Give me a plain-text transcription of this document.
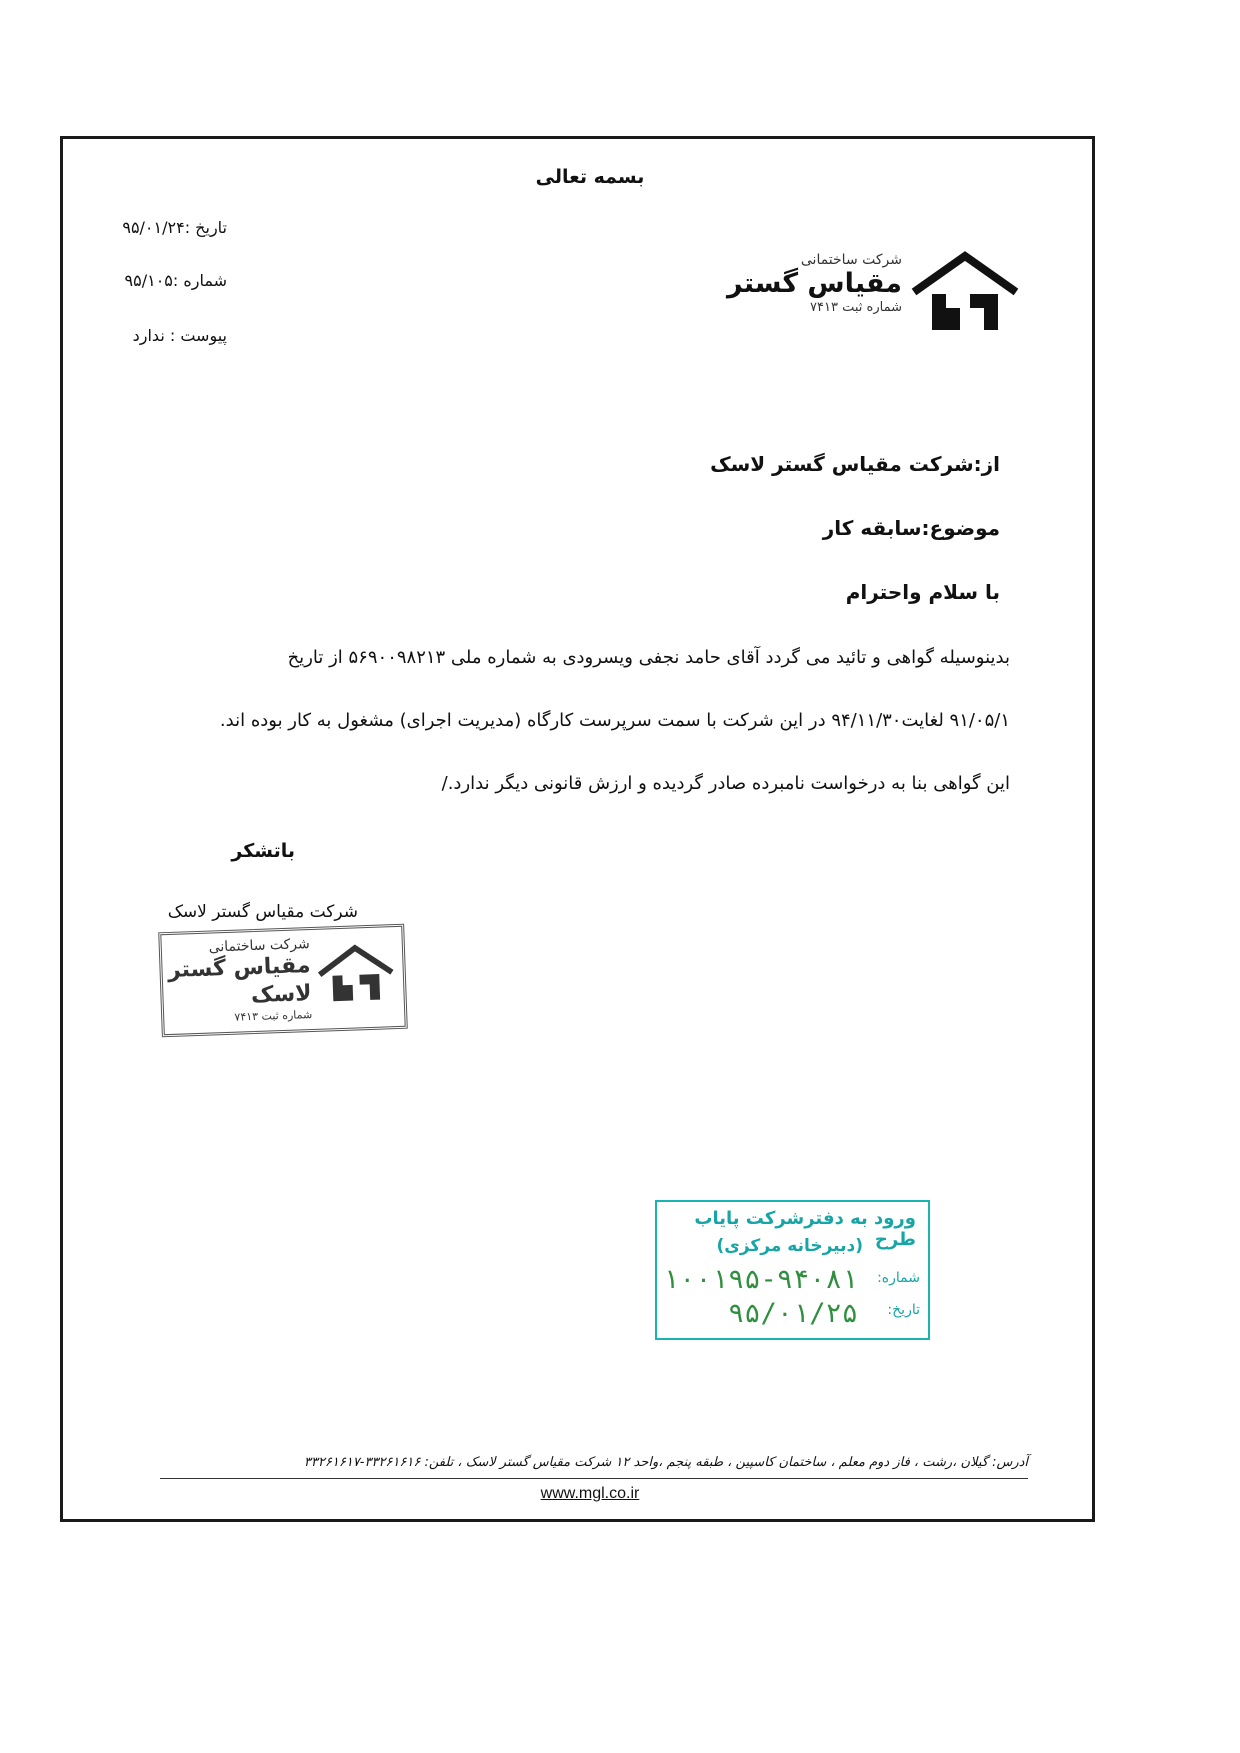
بسمه تعالی
تاریخ :۹۵/۰۱/۲۴
شماره :۹۵/۱۰۵
پیوست : ندارد
شرکت ساختمانی
مقیاس گستر
شماره ثبت ۷۴۱۳
از:شرکت مقیاس گستر لاسک
موضوع:سابقه کار
با سلام واحترام
بدینوسیله گواهی و تائید می گردد آقای حامد نجفی ویسرودی به شماره ملی ۵۶۹۰۰۹۸۲۱۳ از تاریخ
۹۱/۰۵/۱ لغایت۹۴/۱۱/۳۰ در این شرکت با سمت سرپرست کارگاه (مدیریت اجرای) مشغول به کار بوده اند.
این گواهی بنا به درخواست نامبرده صادر گردیده و ارزش قانونی دیگر ندارد./
باتشکر
شرکت مقیاس گستر لاسک
شرکت ساختمانی
مقیاس گستر لاسک
شماره ثبت ۷۴۱۳
ورود به دفترشرکت پایاب طرح
(دبیرخانه مرکزی)
شماره:
۱۰۰۱۹۵-۹۴۰۸۱
تاریخ:
۹۵/۰۱/۲۵
آدرس: گیلان ،رشت ، فاز دوم معلم ، ساختمان کاسپین ، طبقه پنجم ،واحد ۱۲ شرکت مقیاس گستر لاسک ، تلفن: ۳۳۲۶۱۶۱۶-۳۳۲۶۱۶۱۷
www.mgl.co.ir
